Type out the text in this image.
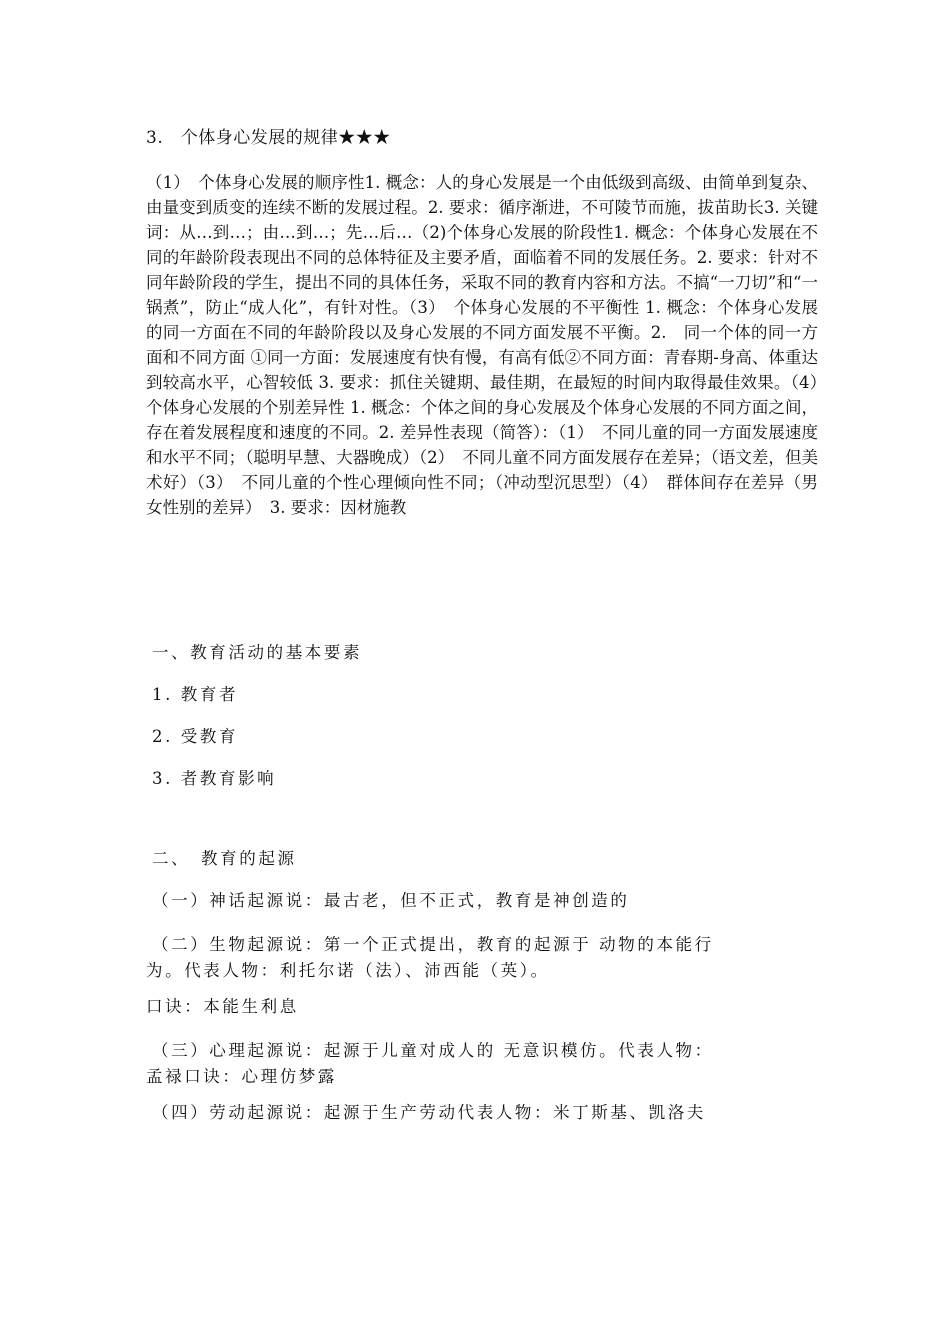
3.　个体身心发展的规律★★★

（1）　个体身心发展的顺序性1. 概念：人的身心发展是一个由低级到高级、由简单到复杂、由量变到质变的连续不断的发展过程。2. 要求：循序渐进，不可陵节而施，拔苗助长3. 关键词：从…到…；由…到…；先…后…（2)个体身心发展的阶段性1. 概念：个体身心发展在不同的年龄阶段表现出不同的总体特征及主要矛盾，面临着不同的发展任务。2. 要求：针对不同年龄阶段的学生，提出不同的具体任务，采取不同的教育内容和方法。不搞“一刀切”和“一锅煮”，防止“成人化”，有针对性。（3）　个体身心发展的不平衡性 1. 概念：个体身心发展的同一方面在不同的年龄阶段以及身心发展的不同方面发展不平衡。2.　同一个体的同一方面和不同方面 ①同一方面：发展速度有快有慢，有高有低②不同方面：青春期-身高、体重达到较高水平，心智较低 3. 要求：抓住关键期、最佳期，在最短的时间内取得最佳效果。（4）　个体身心发展的个别差异性 1. 概念：个体之间的身心发展及个体身心发展的不同方面之间，存在着发展程度和速度的不同。2. 差异性表现（简答）：（1）　不同儿童的同一方面发展速度和水平不同；（聪明早慧、大器晚成）（2）　不同儿童不同方面发展存在差异；（语文差，但美术好）（3）　不同儿童的个性心理倾向性不同；（冲动型沉思型）（4）　群体间存在差异（男女性别的差异）　3. 要求：因材施教

一、教育活动的基本要素

1. 教育者

2. 受教育

3. 者教育影响

二、　教育的起源

（一）神话起源说：最古老，但不正式，教育是神创造的

（二）生物起源说：第一个正式提出，教育的起源于 动物的本能行
为。代表人物：利托尔诺（法）、沛西能（英）。

口诀：本能生利息

（三）心理起源说：起源于儿童对成人的 无意识模仿。代表人物：
孟禄口诀：心理仿梦露

（四）劳动起源说：起源于生产劳动代表人物：米丁斯基、凯洛夫
